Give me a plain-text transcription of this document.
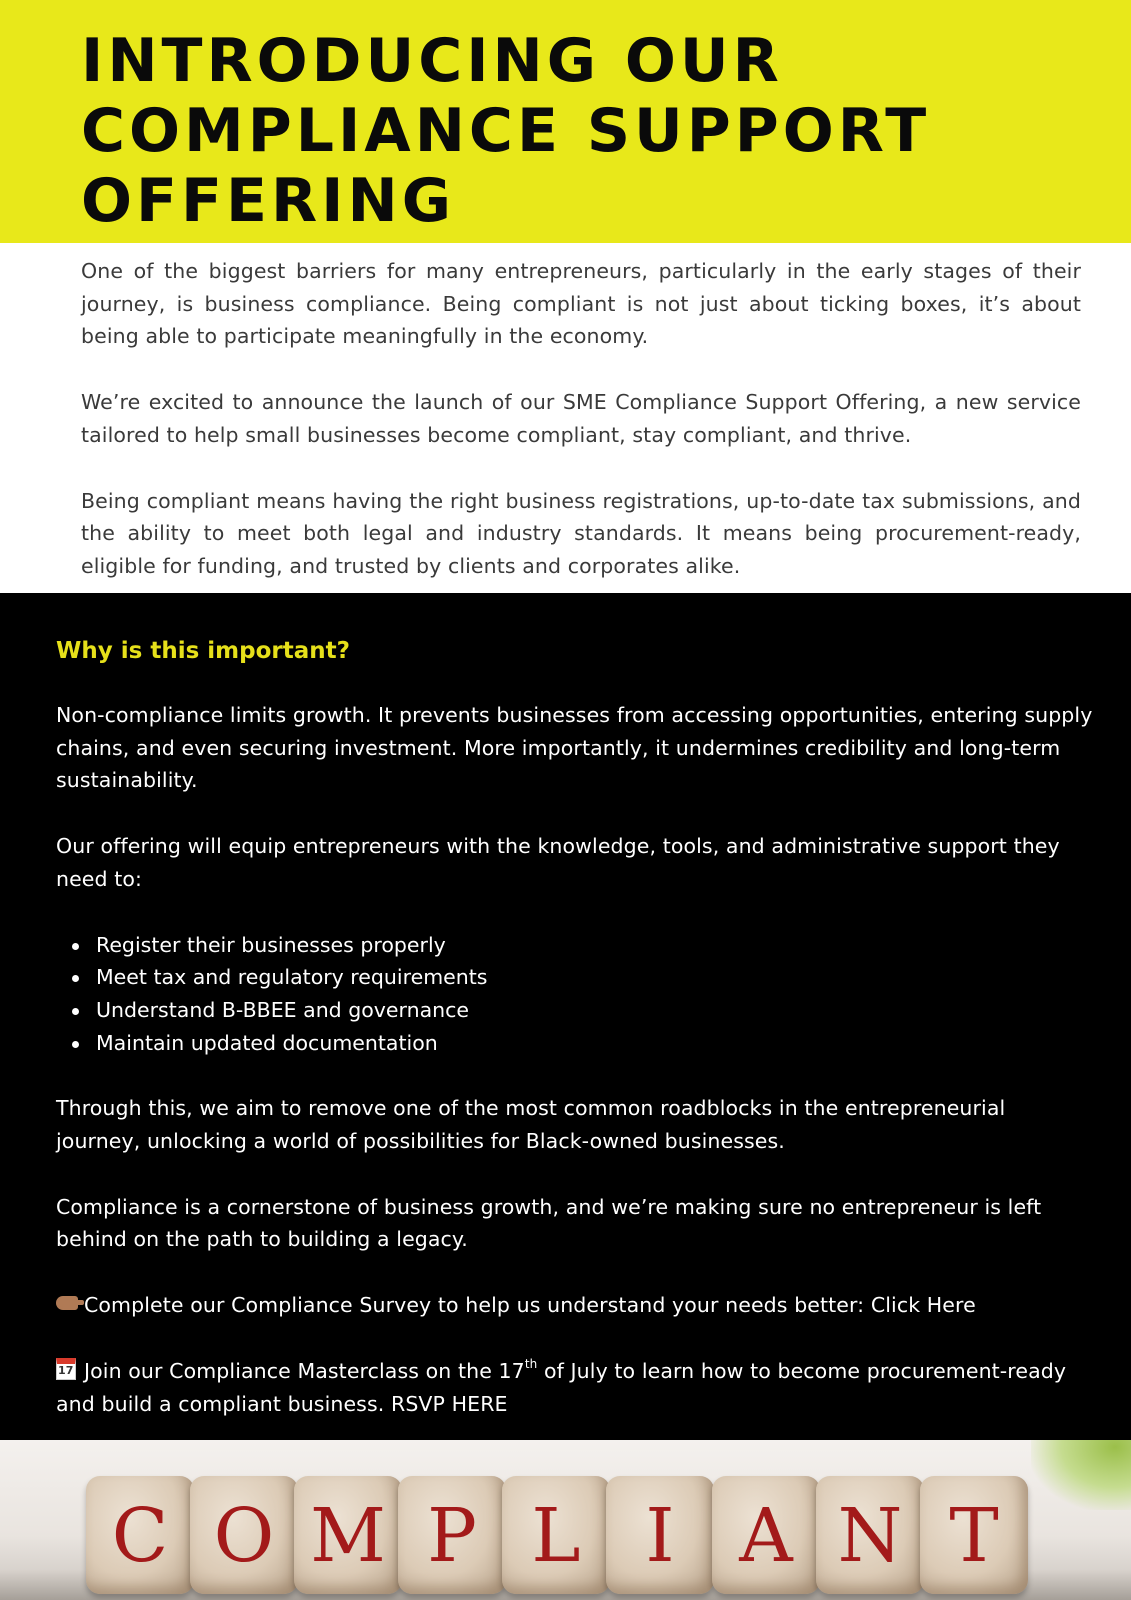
INTRODUCING OUR
COMPLIANCE SUPPORT
OFFERING

One of the biggest barriers for many entrepreneurs, particularly in the early stages of their journey, is business compliance. Being compliant is not just about ticking boxes, it’s about being able to participate meaningfully in the economy.

We’re excited to announce the launch of our SME Compliance Support Offering, a new service tailored to help small businesses become compliant, stay compliant, and thrive.

Being compliant means having the right business registrations, up-to-date tax submissions, and the ability to meet both legal and industry standards. It means being procurement-ready, eligible for funding, and trusted by clients and corporates alike.

Why is this important?

Non-compliance limits growth. It prevents businesses from accessing opportunities, entering supply chains, and even securing investment. More importantly, it undermines credibility and long-term sustainability.

Our offering will equip entrepreneurs with the knowledge, tools, and administrative support they need to:

Register their businesses properly
Meet tax and regulatory requirements
Understand B-BBEE and governance
Maintain updated documentation

Through this, we aim to remove one of the most common roadblocks in the entrepreneurial journey, unlocking a world of possibilities for Black-owned businesses.

Compliance is a cornerstone of business growth, and we’re making sure no entrepreneur is left behind on the path to building a legacy.

Complete our Compliance Survey to help us understand your needs better: Click Here

17 Join our Compliance Masterclass on the 17th of July to learn how to become procurement-ready and build a compliant business. RSVP HERE

C O M P L I A N T
